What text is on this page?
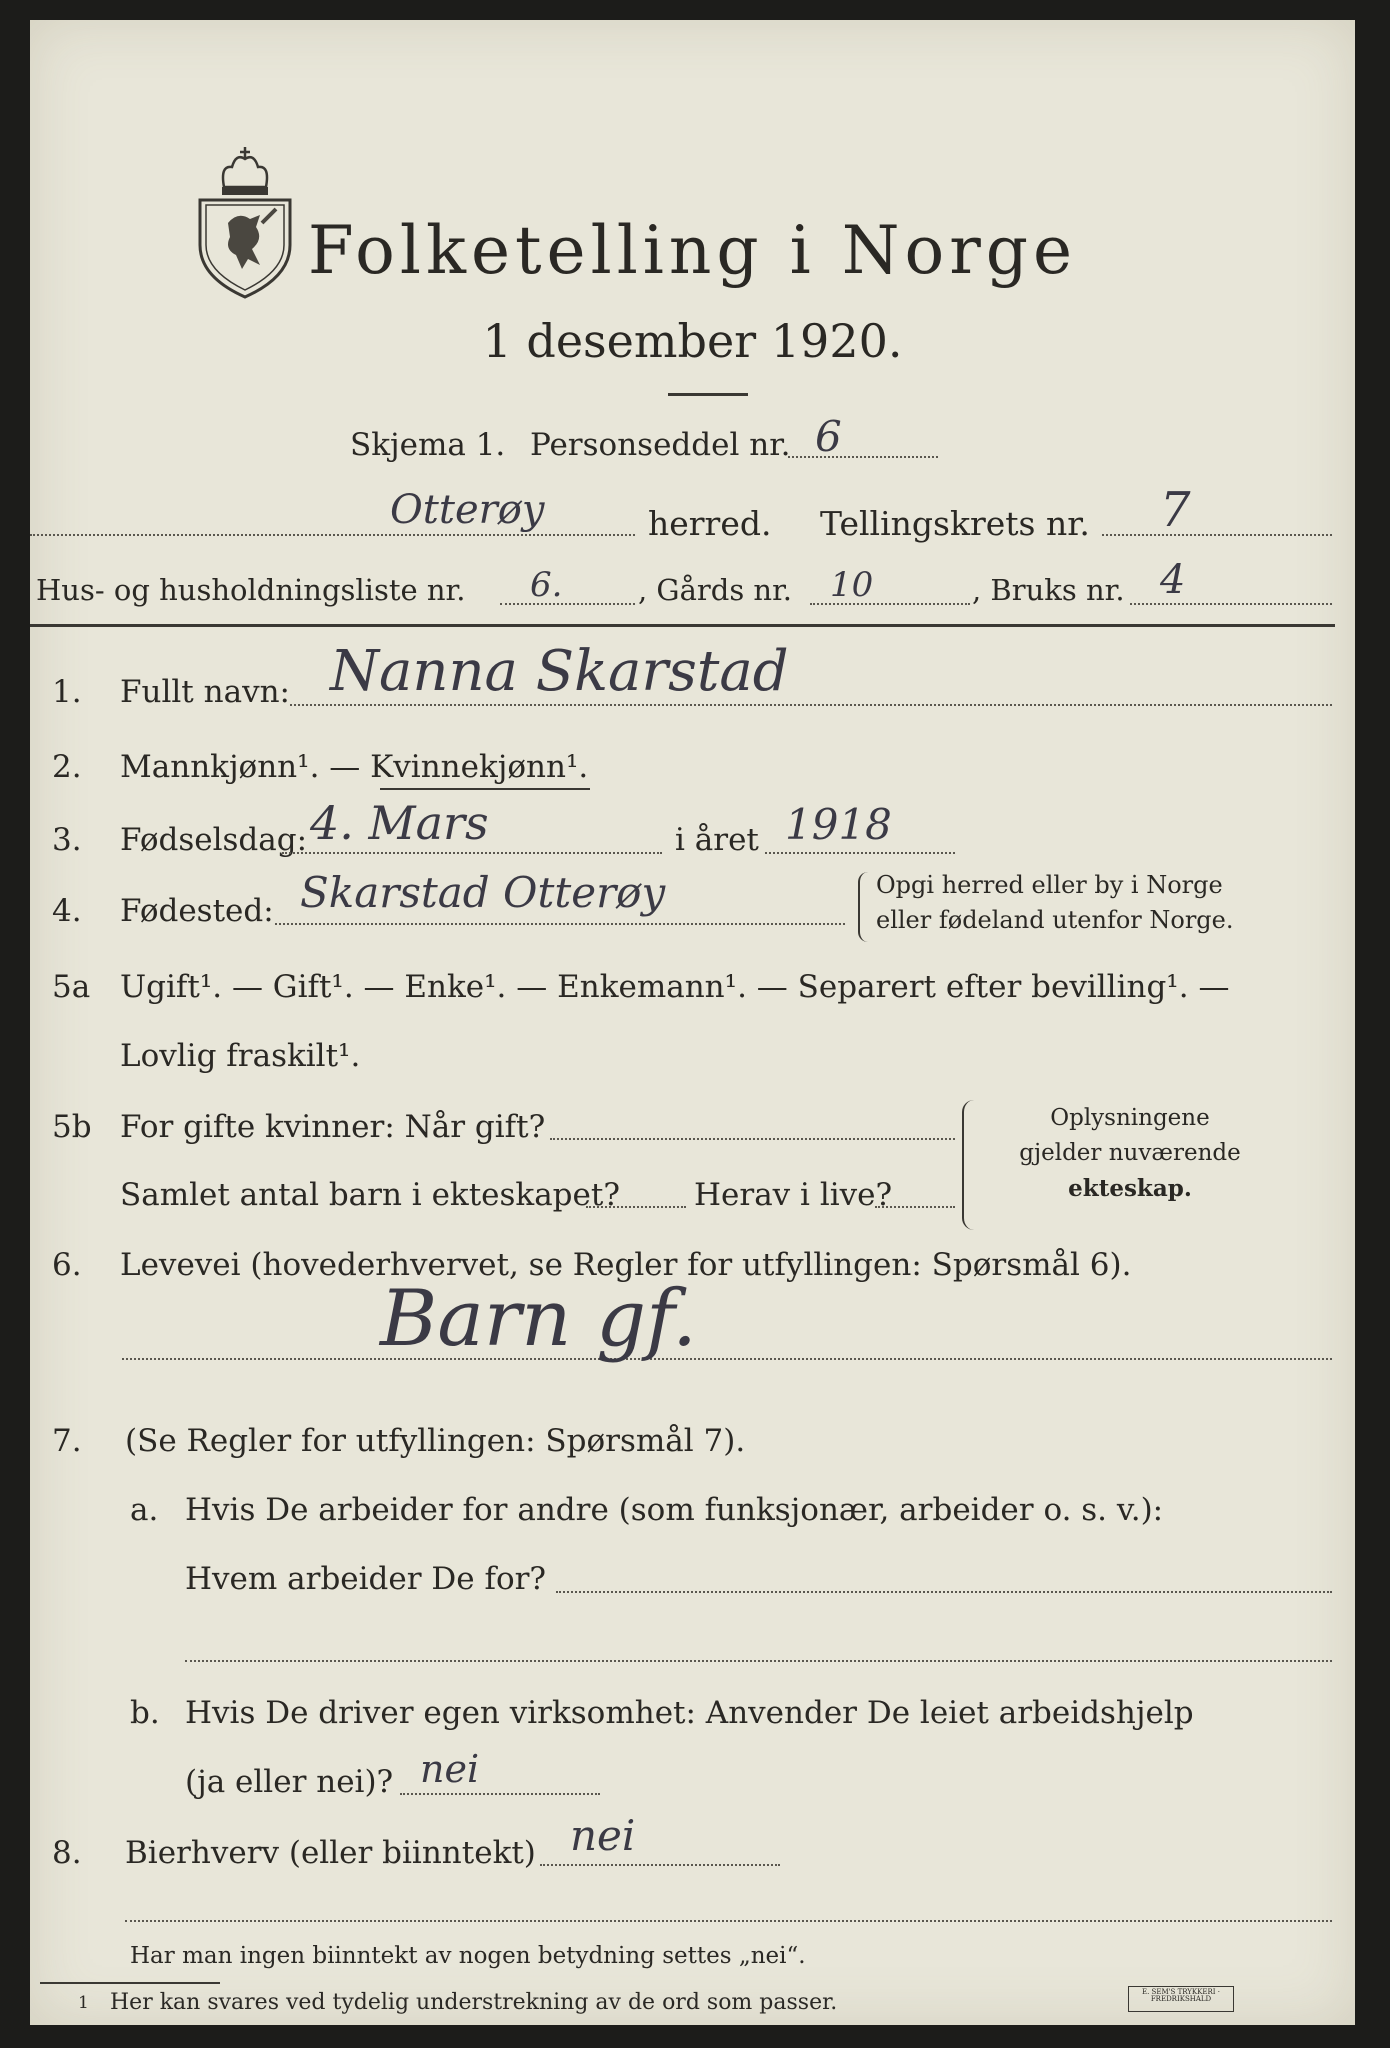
Folketelling i Norge
1 desember 1920.
Skjema 1. Personseddel nr. 6
Otterøy	herred. Tellingskrets nr. 7
Hus- og husholdningsliste nr. 6.	, Gårds nr. 10	, Bruks nr. 4
1. Fullt navn: Nanna Skarstad
2. Mannkjønn¹. — Kvinnekjønn¹.
3. Fødselsdag: 4. Mars	i året 1918
4. Fødested: Skarstad Otterøy	Opgi herred eller by i Norge
eller fødeland utenfor Norge.
5a Ugift¹. — Gift¹. — Enke¹. — Enkemann¹. — Separert efter bevilling¹. —
Lovlig fraskilt¹.
5b For gifte kvinner: Når gift?
Samlet antal barn i ekteskapet? Herav i live?
Oplysningene
gjelder nuværende
ekteskap.
6. Levevei (hovederhvervet, se Regler for utfyllingen: Spørsmål 6).
Barn gf.
7. (Se Regler for utfyllingen: Spørsmål 7).
a. Hvis De arbeider for andre (som funksjonær, arbeider o. s. v.):
Hvem arbeider De for?
b. Hvis De driver egen virksomhet: Anvender De leiet arbeidshjelp
(ja eller nei)? nei
8. Bierhverv (eller biinntekt) nei
Har man ingen biinntekt av nogen betydning settes „nei“.
1 Her kan svares ved tydelig understrekning av de ord som passer.	E. SEM'S TRYKKERI · FREDRIKSHALD
